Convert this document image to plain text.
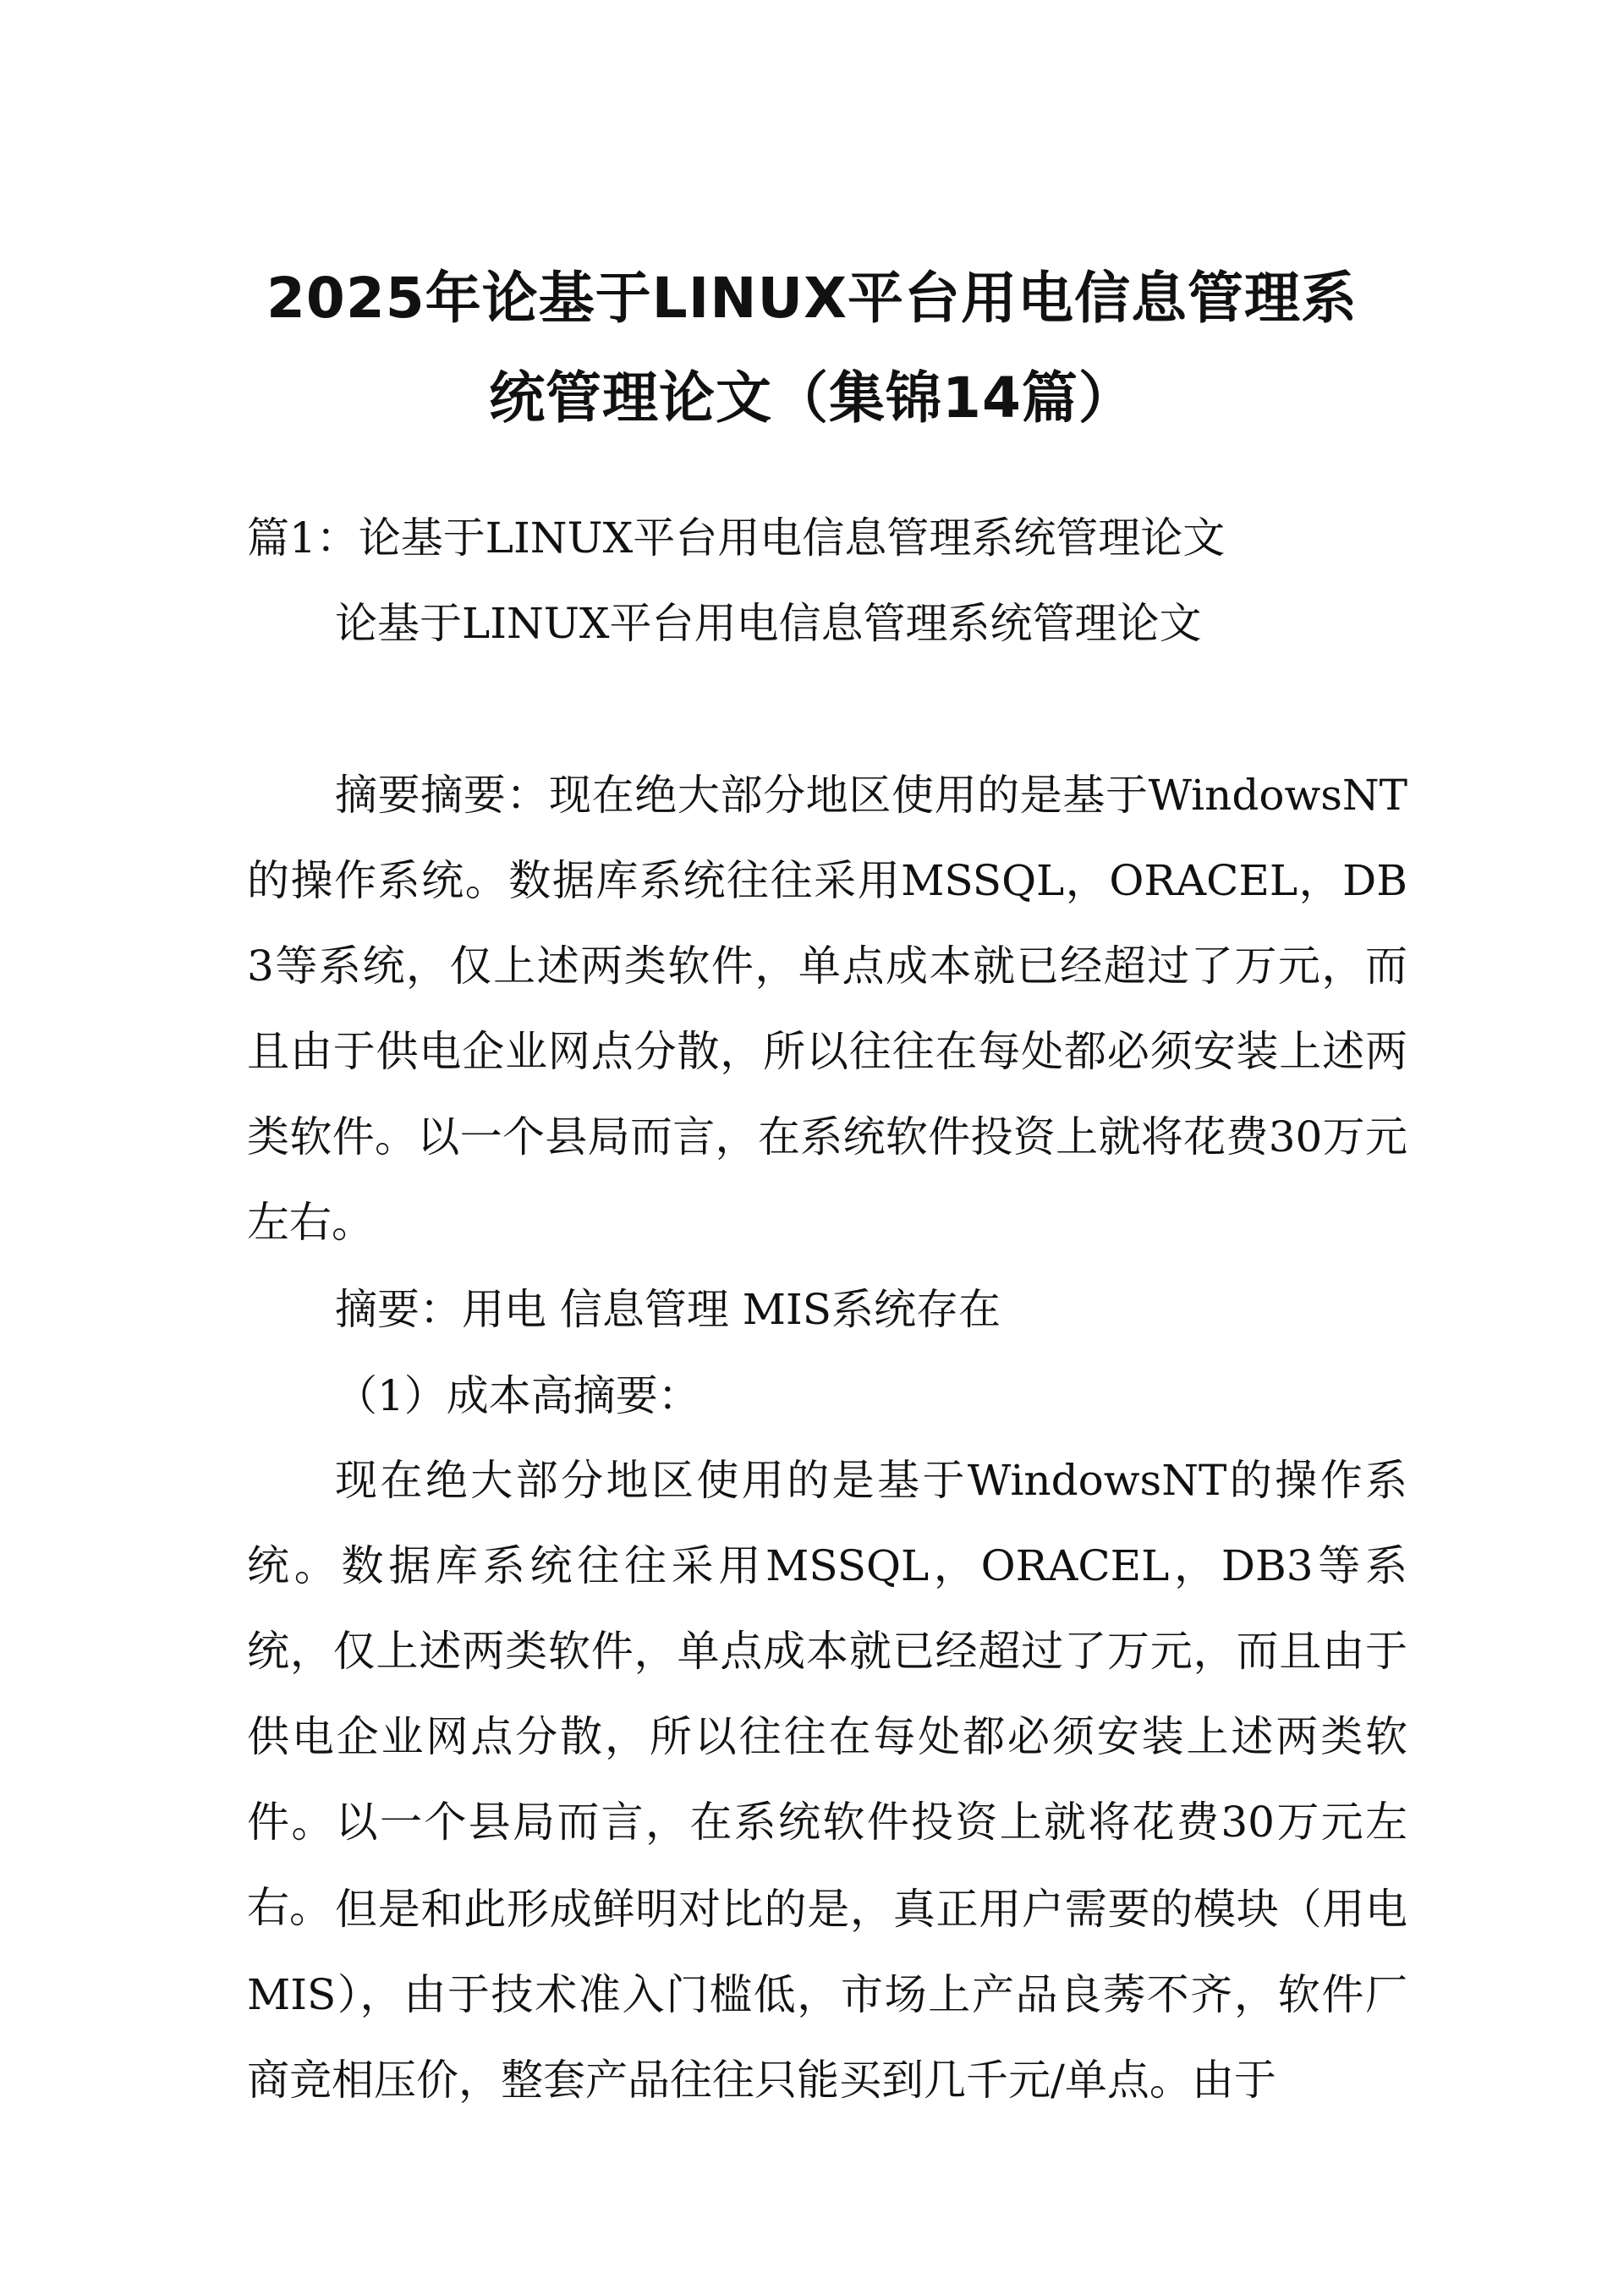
2025年论基于LINUX平台用电信息管理系
统管理论文（集锦14篇）

篇1：论基于LINUX平台用电信息管理系统管理论文

论基于LINUX平台用电信息管理系统管理论文

摘要摘要：现在绝大部分地区使用的是基于WindowsNT的操作系统。数据库系统往往采用MSSQL，ORACEL，DB3等系统，仅上述两类软件，单点成本就已经超过了万元，而且由于供电企业网点分散，所以往往在每处都必须安装上述两类软件。以一个县局而言，在系统软件投资上就将花费30万元左右。

摘要：用电 信息管理 MIS系统存在

（1）成本高摘要：

现在绝大部分地区使用的是基于WindowsNT的操作系统。数据库系统往往采用MSSQL，ORACEL，DB3等系统，仅上述两类软件，单点成本就已经超过了万元，而且由于供电企业网点分散，所以往往在每处都必须安装上述两类软件。以一个县局而言，在系统软件投资上就将花费30万元左右。 但是和此形成鲜明对比的是，真正用户需要的模块（用电MIS），由于技术准入门槛低，市场上产品良莠不齐，软件厂商竞相压价，整套产品往往只能买到几千元/单点。由于
